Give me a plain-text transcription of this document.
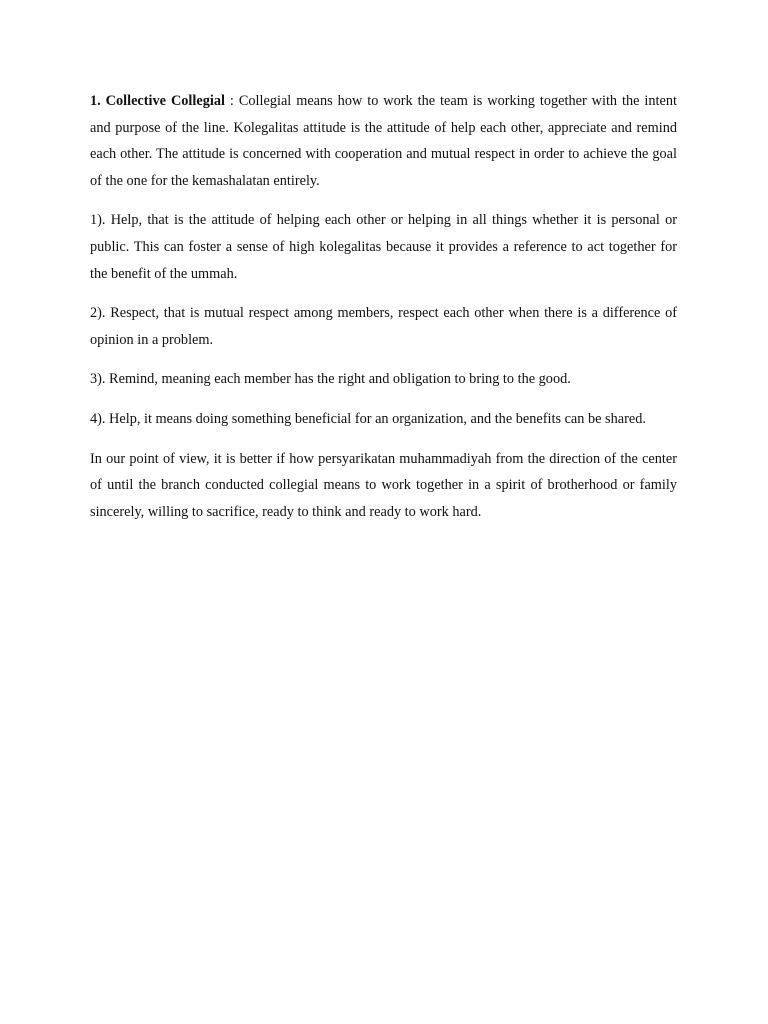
1. Collective Collegial : Collegial means how to work the team is working together with the intent and purpose of the line. Kolegalitas attitude is the attitude of help each other, appreciate and remind each other. The attitude is concerned with cooperation and mutual respect in order to achieve the goal of the one for the kemashalatan entirely.

1). Help, that is the attitude of helping each other or helping in all things whether it is personal or public. This can foster a sense of high kolegalitas because it provides a reference to act together for the benefit of the ummah.

2). Respect, that is mutual respect among members, respect each other when there is a difference of opinion in a problem.

3). Remind, meaning each member has the right and obligation to bring to the good.

4). Help, it means doing something beneficial for an organization, and the benefits can be shared.

In our point of view, it is better if how persyarikatan muhammadiyah from the direction of the center of until the branch conducted collegial means to work together in a spirit of brotherhood or family sincerely, willing to sacrifice, ready to think and ready to work hard.
